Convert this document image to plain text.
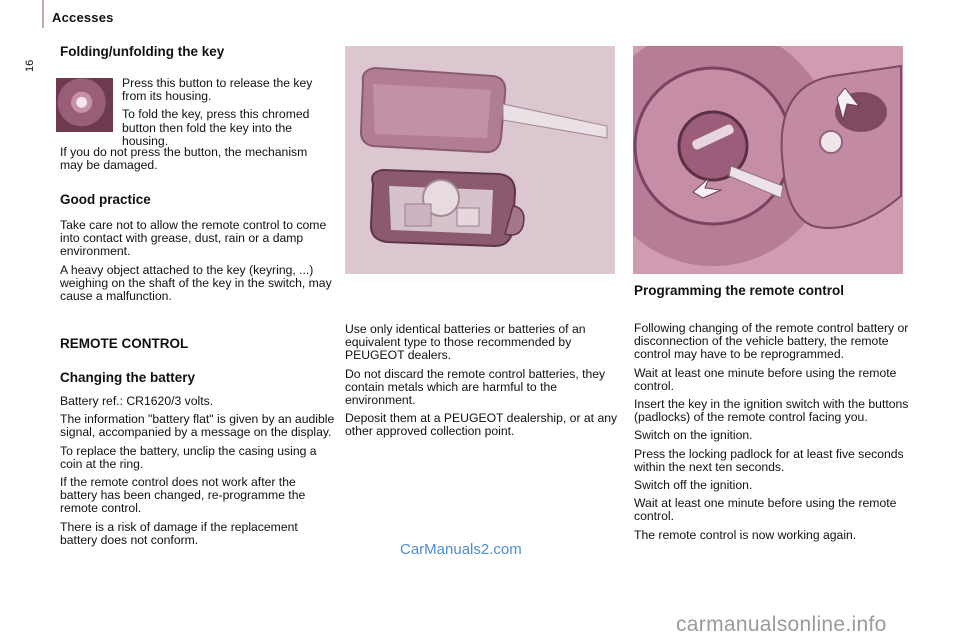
Accesses
16
Folding/unfolding the key

Press this button to release the key from its housing.

To fold the key, press this chromed button then fold the key into the housing.

If you do not press the button, the mechanism may be damaged.

Good practice

Take care not to allow the remote control to come into contact with grease, dust, rain or a damp environment.

A heavy object attached to the key (keyring, ...) weighing on the shaft of the key in the switch, may cause a malfunction.

REMOTE CONTROL
Changing the battery

Battery ref.: CR1620/3 volts.

The information "battery flat" is given by an audible signal, accompanied by a message on the display.

To replace the battery, unclip the casing using a coin at the ring.

If the remote control does not work after the battery has been changed, re-programme the remote control.

There is a risk of damage if the replacement battery does not conform.

Use only identical batteries or batteries of an equivalent type to those recommended by PEUGEOT dealers.

Do not discard the remote control batteries, they contain metals which are harmful to the environment.

Deposit them at a PEUGEOT dealership, or at any other approved collection point.

Programming the remote control

Following changing of the remote control battery or disconnection of the vehicle battery, the remote control may have to be reprogrammed.

Wait at least one minute before using the remote control.

Insert the key in the ignition switch with the buttons (padlocks) of the remote control facing you.

Switch on the ignition.

Press the locking padlock for at least five seconds within the next ten seconds.

Switch off the ignition.

Wait at least one minute before using the remote control.

The remote control is now working again.

CarManuals2.com
carmanualsonline.info
